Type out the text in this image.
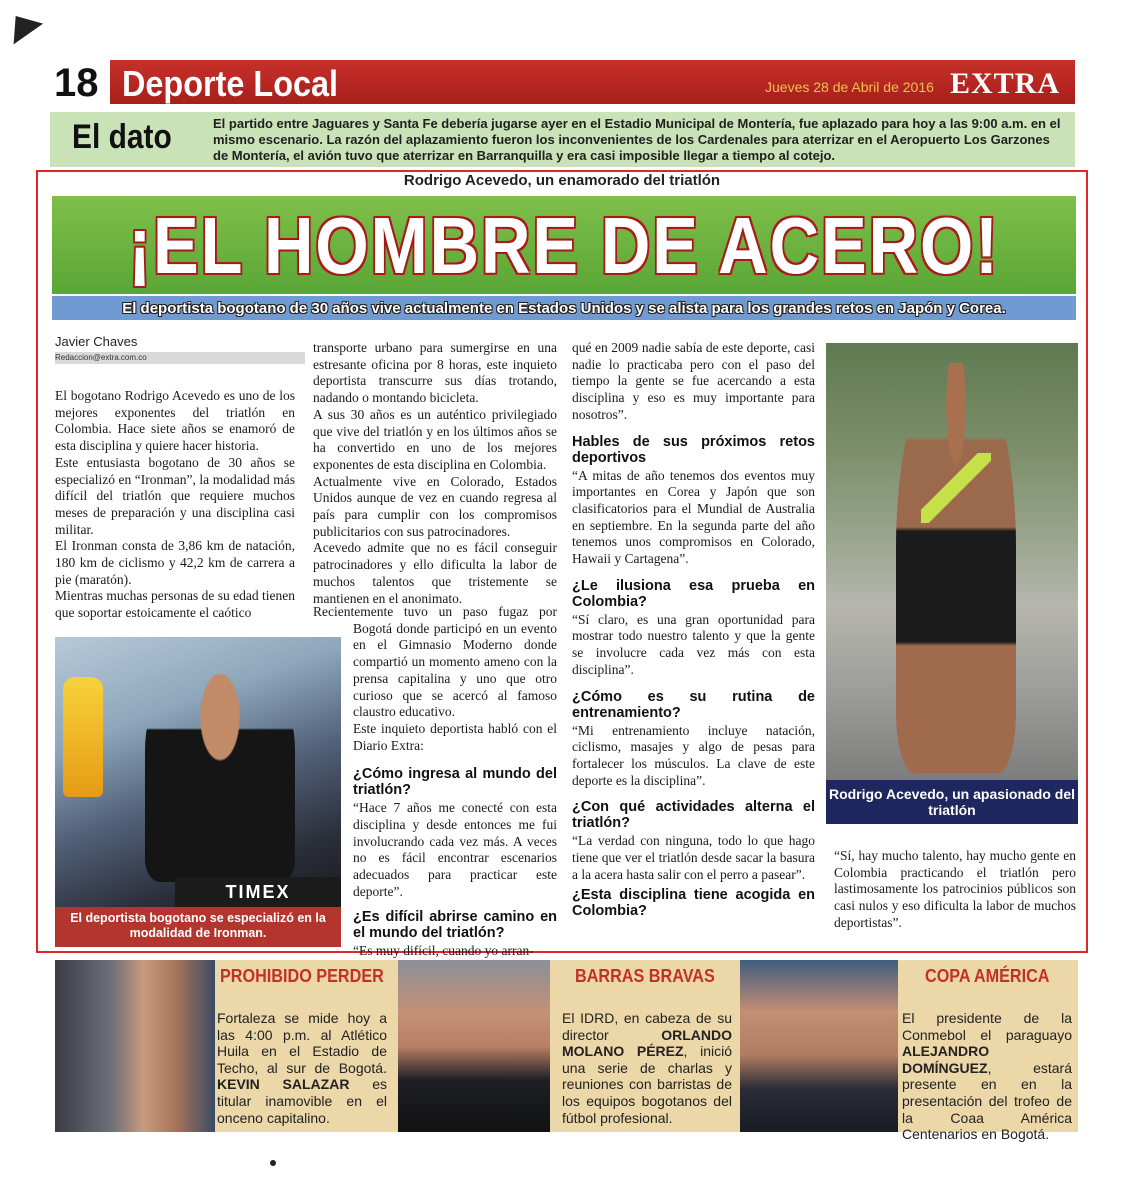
18 Deporte Local	Jueves 28 de Abril de 2016 EXTRA
El dato	El partido entre Jaguares y Santa Fe debería jugarse ayer en el Estadio Municipal de Montería, fue aplazado para hoy a las 9:00 a.m. en el mismo escenario. La razón del aplazamiento fueron los inconvenientes de los Cardenales para aterrizar en el Aeropuerto Los Garzones de Montería, el avión tuvo que aterrizar en Barranquilla y era casi imposible llegar a tiempo al cotejo.
Rodrigo Acevedo, un enamorado del triatlón
¡EL HOMBRE DE ACERO!
El deportista bogotano de 30 años vive actualmente en Estados Unidos y se alista para los grandes retos en Japón y Corea.
Javier Chaves
Redaccion@extra.com.co
El bogotano Rodrigo Acevedo es uno de los mejores exponentes del triatlón en Colombia. Hace siete años se enamoró de esta disciplina y quiere hacer historia.
Este entusiasta bogotano de 30 años se especializó en “Ironman”, la modalidad más difícil del triatlón que requiere muchos meses de preparación y una disciplina casi militar.
El Ironman consta de 3,86 km de natación, 180 km de ciclismo y 42,2 km de carrera a pie (maratón).
Mientras muchas personas de su edad tienen que soportar estoicamente el caótico
TIMEX
El deportista bogotano se especializó en la modalidad de Ironman.
transporte urbano para sumergirse en una estresante oficina por 8 horas, este inquieto deportista transcurre sus días trotando, nadando o montando bicicleta.
A sus 30 años es un auténtico privilegiado que vive del triatlón y en los últimos años se ha convertido en uno de los mejores exponentes de esta disciplina en Colombia.
Actualmente vive en Colorado, Estados Unidos aunque de vez en cuando regresa al país para cumplir con los compromisos publicitarios con sus patrocinadores.
Acevedo admite que no es fácil conseguir patrocinadores y ello dificulta la labor de muchos talentos que tristemente se mantienen en el anonimato.
Recientemente tuvo un paso fugaz por Bogotá donde participó en un evento en el Gimnasio Moderno donde compartió un momento ameno con la prensa capitalina y uno que otro curioso que se acercó al famoso claustro educativo.
Este inquieto deportista habló con el Diario Extra:
¿Cómo ingresa al mundo del triatlón?
“Hace 7 años me conecté con esta disciplina y desde entonces me fui involucrando cada vez más. A veces no es fácil encontrar escenarios adecuados para practicar este deporte”.
¿Es difícil abrirse camino en el mundo del triatlón?
“Es muy difícil, cuando yo arran-
qué en 2009 nadie sabía de este deporte, casi nadie lo practicaba pero con el paso del tiempo la gente se fue acercando a esta disciplina y eso es muy importante para nosotros”.
Hables de sus próximos retos deportivos
“A mitas de año tenemos dos eventos muy importantes en Corea y Japón que son clasificatorios para el Mundial de Australia en septiembre. En la segunda parte del año tenemos unos compromisos en Colorado, Hawaii y Cartagena”.
¿Le ilusiona esa prueba en Colombia?
“Sí claro, es una gran oportunidad para mostrar todo nuestro talento y que la gente se involucre cada vez más con esta disciplina”.
¿Cómo es su rutina de entrenamiento?
“Mi entrenamiento incluye natación, ciclismo, masajes y algo de pesas para fortalecer los músculos. La clave de este deporte es la disciplina”.
¿Con qué actividades alterna el triatlón?
“La verdad con ninguna, todo lo que hago tiene que ver el triatlón desde sacar la basura a la acera hasta salir con el perro a pasear”.
¿Esta disciplina tiene acogida en Colombia?
Rodrigo Acevedo, un apasionado del triatlón
“Sí, hay mucho talento, hay mucho gente en Colombia practicando el triatlón pero lastimosamente los patrocinios públicos son casi nulos y eso dificulta la labor de muchos deportistas”.
PROHIBIDO PERDER
Fortaleza se mide hoy a las 4:00 p.m. al Atlético Huila en el Estadio de Techo, al sur de Bogotá. KEVIN SALAZAR es titular inamovible en el onceno capitalino.
BARRAS BRAVAS
El IDRD, en cabeza de su director	ORLANDO MOLANO PÉREZ, inició una serie de charlas y reuniones con barristas de los equipos bogotanos del fútbol profesional.
COPA AMÉRICA
El presidente de la Conmebol el paraguayo ALEJANDRO DOMÍNGUEZ, estará presente en en la presentación del trofeo de la Coaa América Centenarios en Bogotá.
